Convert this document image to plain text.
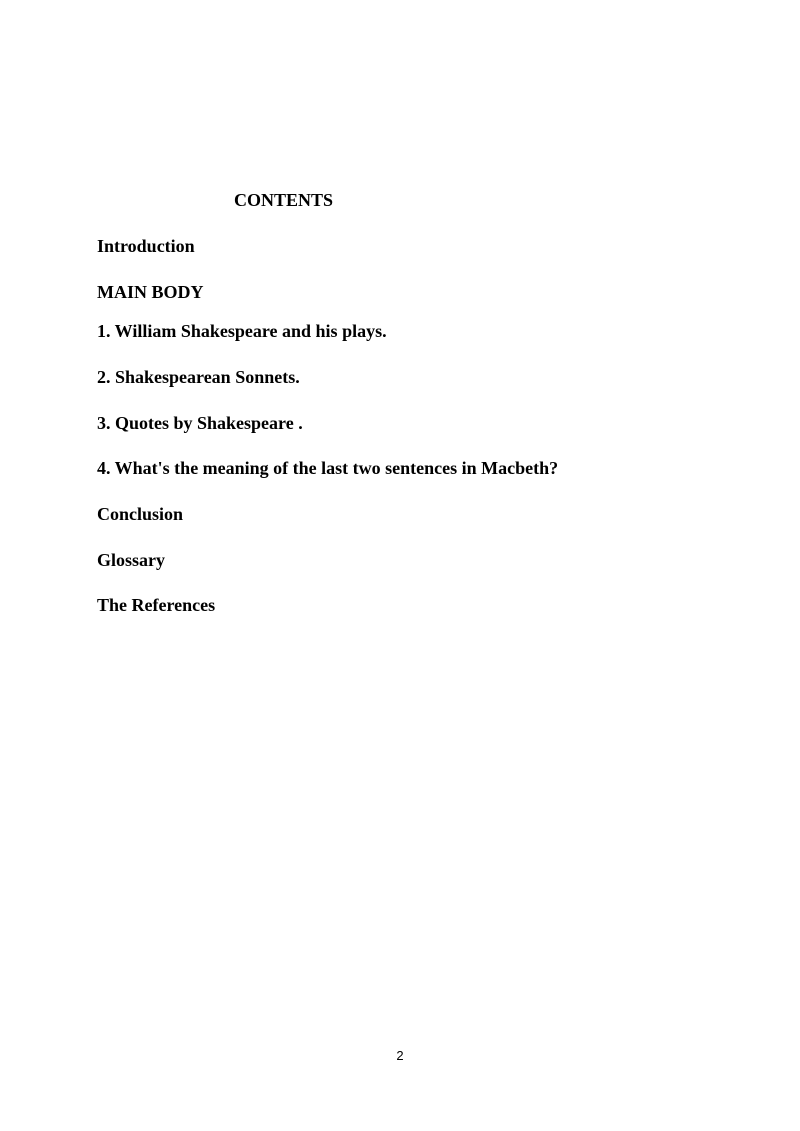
CONTENTS
Introduction
MAIN BODY
1. William Shakespeare and his plays.
2. Shakespearean Sonnets.
3. Quotes by Shakespeare .
4. What's the meaning of the last two sentences in Macbeth?
Conclusion
Glossary
The References
2
